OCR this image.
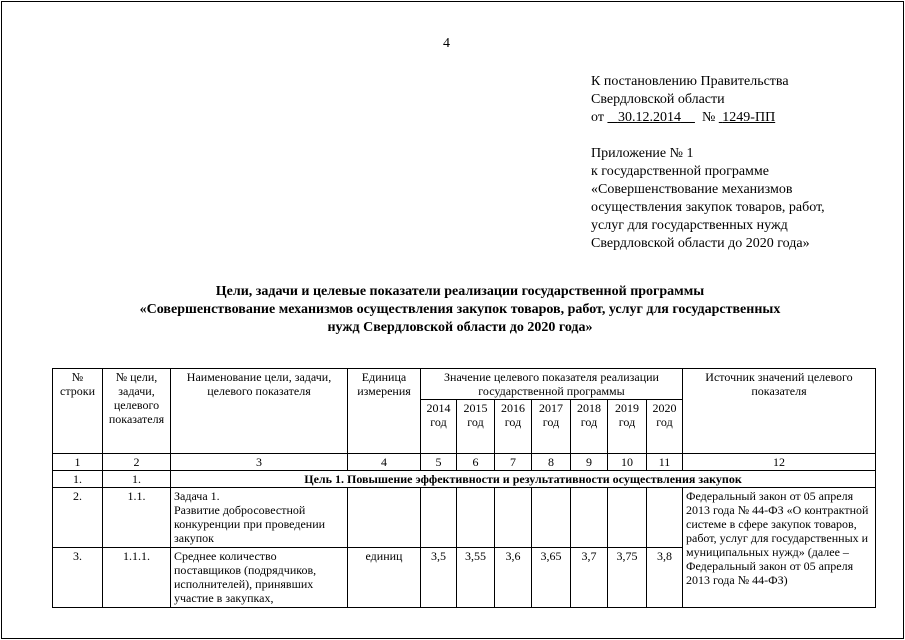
4
К постановлению Правительства
Свердловской области
от 30.12.2014 № 1249-ПП
Приложение № 1
к государственной программе
«Совершенствование механизмов
осуществления закупок товаров, работ,
услуг для государственных нужд
Свердловской области до 2020 года»
Цели, задачи и целевые показатели реализации государственной программы
«Совершенствование механизмов осуществления закупок товаров, работ, услуг для государственных
нужд Свердловской области до 2020 года»
№ строки	№ цели, задачи, целевого показателя	Наименование цели, задачи, целевого показателя	Единица измерения	Значение целевого показателя реализации государственной программы							Источник значений целевого показателя
				2014 год	2015 год	2016 год	2017 год	2018 год	2019 год	2020 год	
1	2	3	4	5	6	7	8	9	10	11	12
1.	1.	Цель 1. Повышение эффективности и результативности осуществления закупок									
2.	1.1.	Задача 1.
Развитие добросовестной конкуренции при проведении закупок									Федеральный закон от 05 апреля 2013 года № 44-ФЗ «О контрактной системе в сфере закупок товаров, работ, услуг для государственных и муниципальных нужд» (далее – Федеральный закон от 05 апреля 2013 года № 44-ФЗ)
3.	1.1.1.	Среднее количество поставщиков (подрядчиков, исполнителей), принявших участие в закупках,	единиц	3,5	3,55	3,6	3,65	3,7	3,75	3,8	
